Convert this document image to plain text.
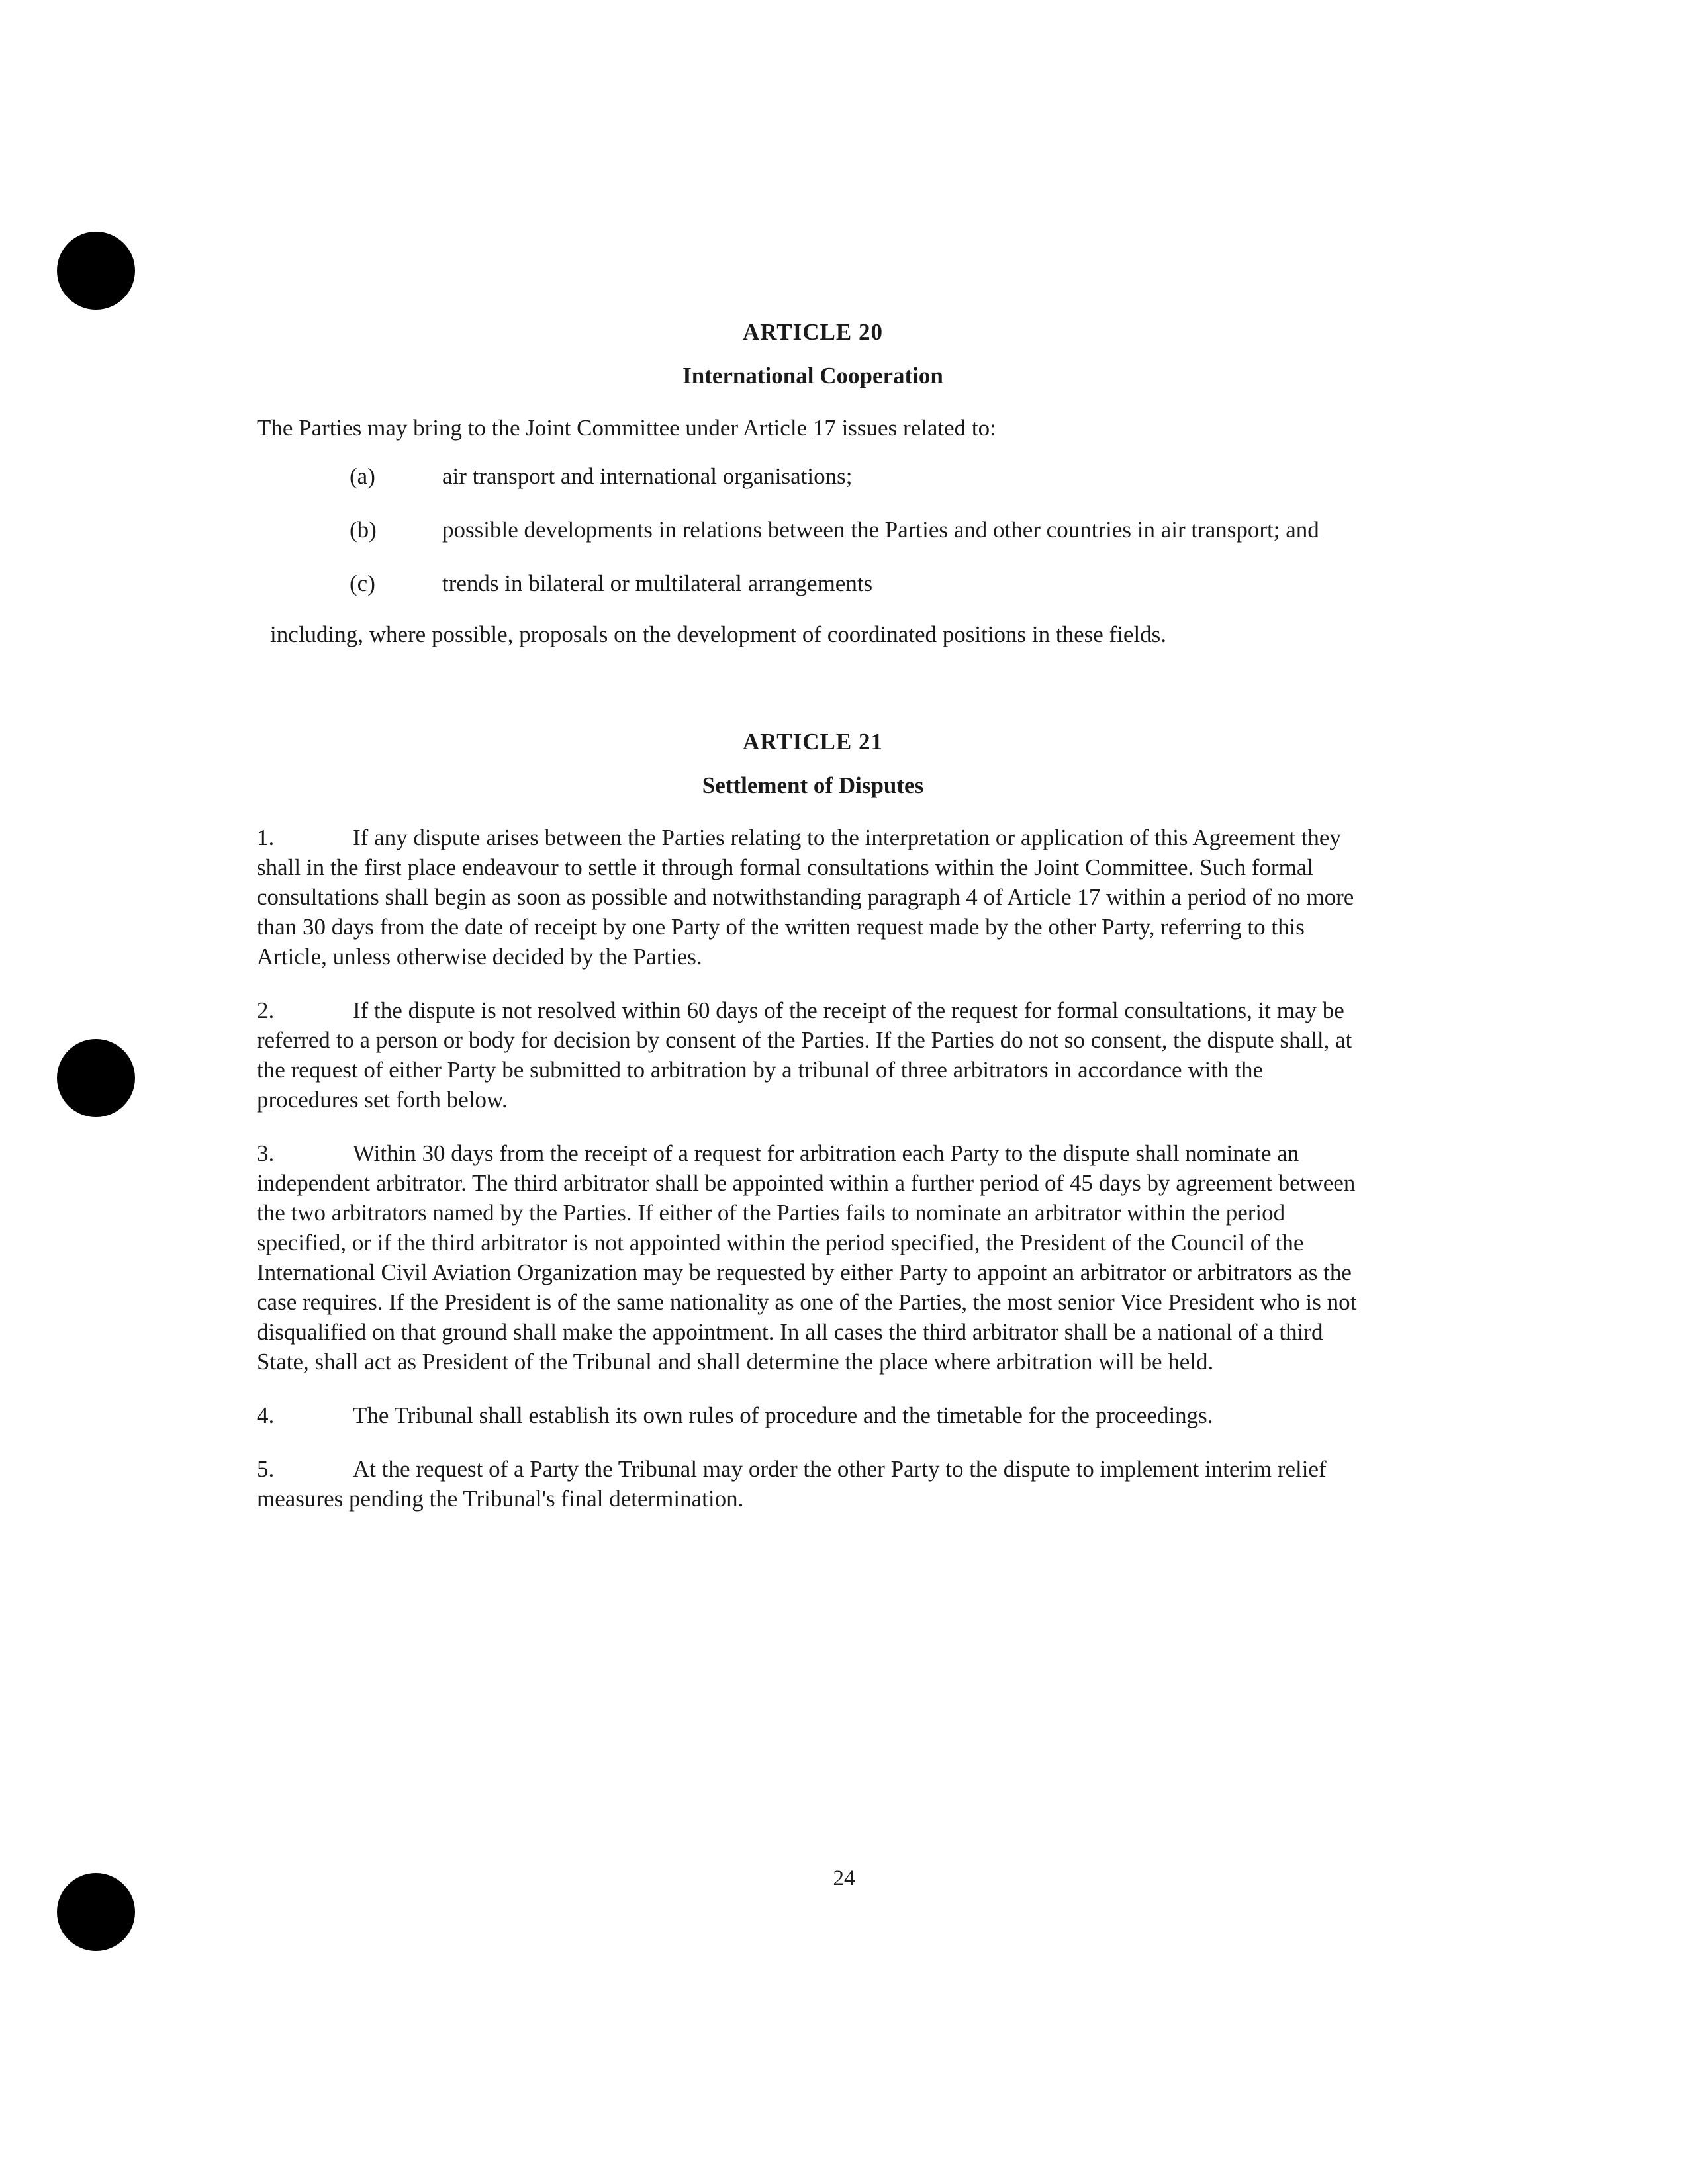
ARTICLE 20
International Cooperation

The Parties may bring to the Joint Committee under Article 17 issues related to:

(a)	air transport and international organisations;
(b)	possible developments in relations between the Parties and other countries in air transport; and
(c)	trends in bilateral or multilateral arrangements

including, where possible, proposals on the development of coordinated positions in these fields.

ARTICLE 21
Settlement of Disputes

1.	If any dispute arises between the Parties relating to the interpretation or application of this Agreement they shall in the first place endeavour to settle it through formal consultations within the Joint Committee. Such formal consultations shall begin as soon as possible and notwithstanding paragraph 4 of Article 17 within a period of no more than 30 days from the date of receipt by one Party of the written request made by the other Party, referring to this Article, unless otherwise decided by the Parties.

2.	If the dispute is not resolved within 60 days of the receipt of the request for formal consultations, it may be referred to a person or body for decision by consent of the Parties. If the Parties do not so consent, the dispute shall, at the request of either Party be submitted to arbitration by a tribunal of three arbitrators in accordance with the procedures set forth below.

3.	Within 30 days from the receipt of a request for arbitration each Party to the dispute shall nominate an independent arbitrator. The third arbitrator shall be appointed within a further period of 45 days by agreement between the two arbitrators named by the Parties. If either of the Parties fails to nominate an arbitrator within the period specified, or if the third arbitrator is not appointed within the period specified, the President of the Council of the International Civil Aviation Organization may be requested by either Party to appoint an arbitrator or arbitrators as the case requires. If the President is of the same nationality as one of the Parties, the most senior Vice President who is not disqualified on that ground shall make the appointment. In all cases the third arbitrator shall be a national of a third State, shall act as President of the Tribunal and shall determine the place where arbitration will be held.

4.	The Tribunal shall establish its own rules of procedure and the timetable for the proceedings.

5.	At the request of a Party the Tribunal may order the other Party to the dispute to implement interim relief measures pending the Tribunal's final determination.

24
